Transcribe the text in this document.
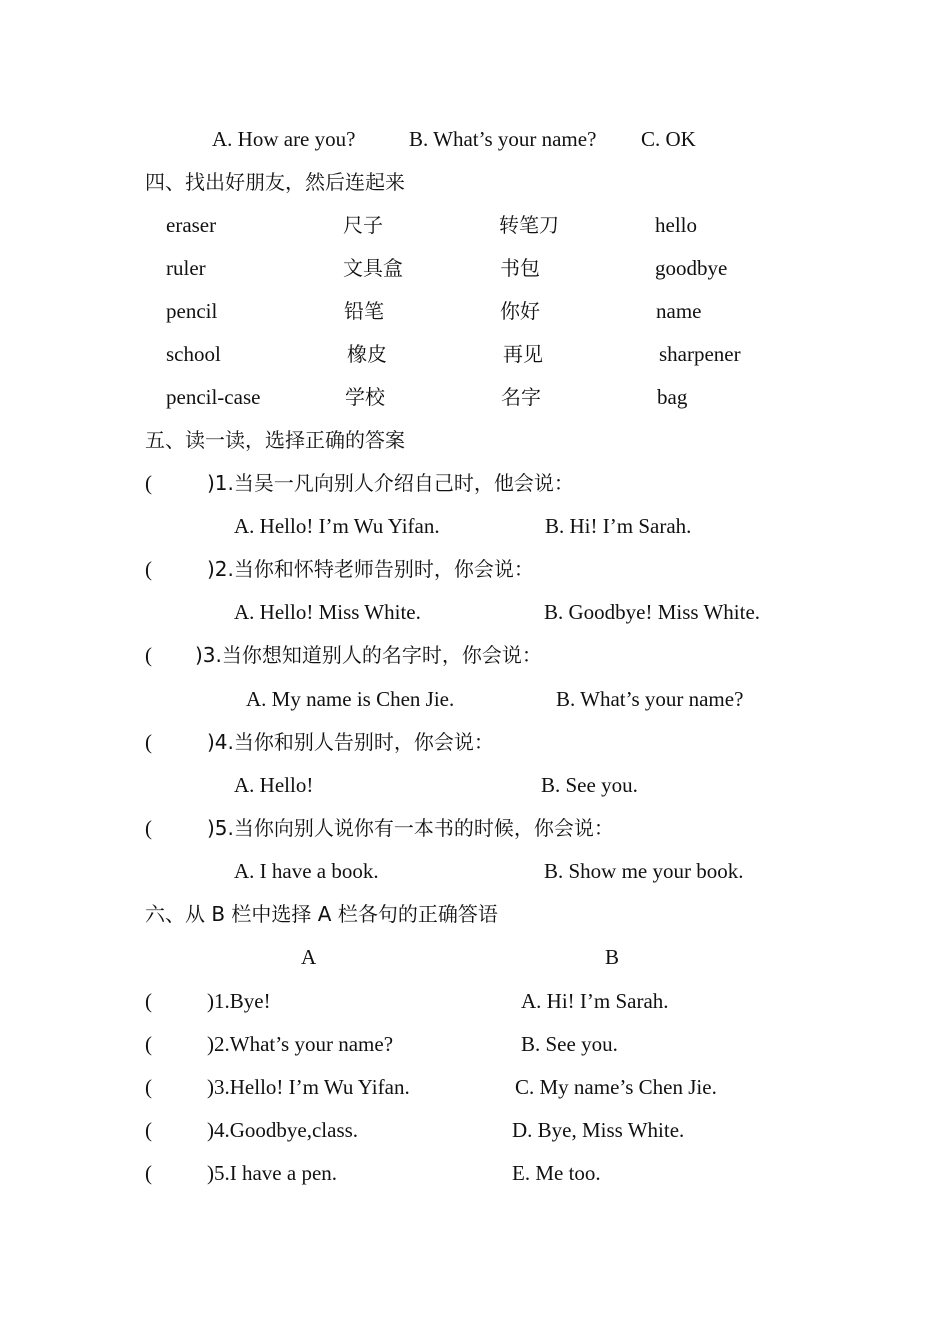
A. How are you?	B. What’s your name? C. OK
四、找出好朋友，然后连起来
eraser	尺子	转笔刀	hello
ruler	文具盒	书包	goodbye
pencil	铅笔	你好	name
school	橡皮	再见	sharpener
pencil-case	学校	名字	bag
五、读一读，选择正确的答案
(	)1.当吴一凡向别人介绍自己时，他会说：
A. Hello! I’m Wu Yifan.	B. Hi! I’m Sarah.
(	)2.当你和怀特老师告别时，你会说：
A. Hello! Miss White.	B. Goodbye! Miss White.
( )3.当你想知道别人的名字时，你会说：
A. My name is Chen Jie.	B. What’s your name?
(	)4.当你和别人告别时，你会说：
A. Hello!	B. See you.
(	)5.当你向别人说你有一本书的时候，你会说：
A. I have a book.	B. Show me your book.
六、从 B 栏中选择 A 栏各句的正确答语
A	B
(	)1.Bye!	A. Hi! I’m Sarah.
(	)2.What’s your name?	B. See you.
(	)3.Hello! I’m Wu Yifan.	C. My name’s Chen Jie.
(	)4.Goodbye,class.	D. Bye, Miss White.
(	)5.I have a pen.	E. Me too.
